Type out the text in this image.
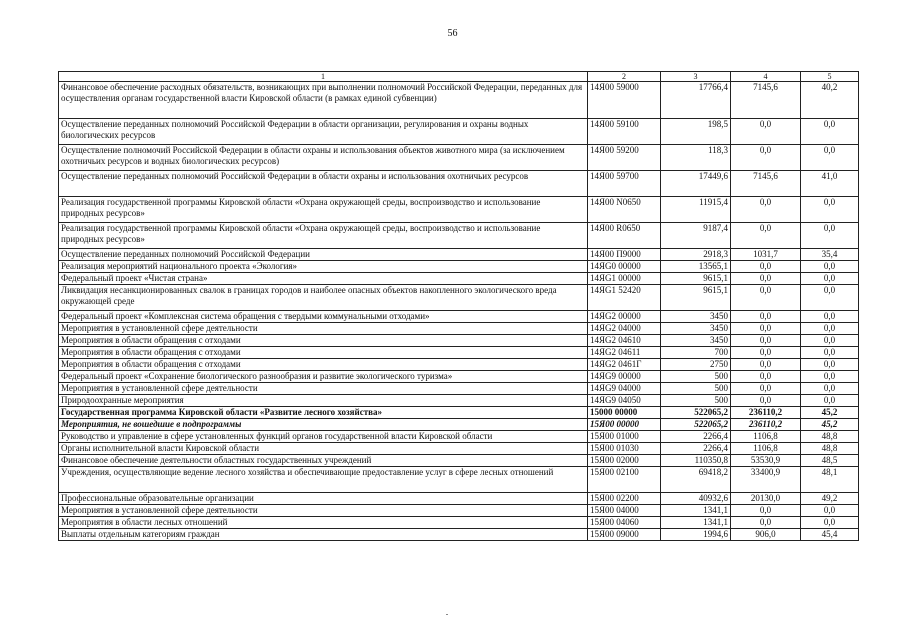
56
1	2	3	4	5
Финансовое обеспечение расходных обязательств, возникающих при выполнении полномочий Российской Федерации, переданных для осуществления органам государственной власти Кировской области (в рамках единой субвенции)	14Я00 59000	17766,4	7145,6	40,2
Осуществление переданных полномочий Российской Федерации в области организации, регулирования и охраны водных биологических ресурсов	14Я00 59100	198,5	0,0	0,0
Осуществление полномочий Российской Федерации в области охраны и использования объектов животного мира (за исключением охотничьих ресурсов и водных биологических ресурсов)	14Я00 59200	118,3	0,0	0,0
Осуществление переданных полномочий Российской Федерации в области охраны и использования охотничьих ресурсов	14Я00 59700	17449,6	7145,6	41,0
Реализация государственной программы Кировской области «Охрана окружающей среды, воспроизводство и использование природных ресурсов»	14Я00 N0650	11915,4	0,0	0,0
Реализация государственной программы Кировской области «Охрана окружающей среды, воспроизводство и использование природных ресурсов»	14Я00 R0650	9187,4	0,0	0,0
Осуществление переданных полномочий Российской Федерации	14Я00 П9000	2918,3	1031,7	35,4
Реализация мероприятий национального проекта «Экология»	14ЯG0 00000	13565,1	0,0	0,0
Федеральный проект «Чистая страна»	14ЯG1 00000	9615,1	0,0	0,0
Ликвидация несанкционированных свалок в границах городов и наиболее опасных объектов накопленного экологического вреда окружающей среде	14ЯG1 52420	9615,1	0,0	0,0
Федеральный проект «Комплексная система обращения с твердыми коммунальными отходами»	14ЯG2 00000	3450	0,0	0,0
Мероприятия в установленной сфере деятельности	14ЯG2 04000	3450	0,0	0,0
Мероприятия в области обращения с отходами	14ЯG2 04610	3450	0,0	0,0
Мероприятия в области обращения с отходами	14ЯG2 04611	700	0,0	0,0
Мероприятия в области обращения с отходами	14ЯG2 0461Г	2750	0,0	0,0
Федеральный проект «Сохранение биологического разнообразия и развитие экологического туризма»	14ЯG9 00000	500	0,0	0,0
Мероприятия в установленной сфере деятельности	14ЯG9 04000	500	0,0	0,0
Природоохранные мероприятия	14ЯG9 04050	500	0,0	0,0
Государственная программа Кировской области «Развитие лесного хозяйства»	15000 00000	522065,2	236110,2	45,2
Мероприятия, не вошедшие в подпрограммы	15Я00 00000	522065,2	236110,2	45,2
Руководство и управление в сфере установленных функций органов государственной власти Кировской области	15Я00 01000	2266,4	1106,8	48,8
Органы исполнительной власти Кировской области	15Я00 01030	2266,4	1106,8	48,8
Финансовое обеспечение деятельности областных государственных учреждений	15Я00 02000	110350,8	53530,9	48,5
Учреждения, осуществляющие ведение лесного хозяйства и обеспечивающие предоставление услуг в сфере лесных отношений	15Я00 02100	69418,2	33400,9	48,1
Профессиональные образовательные организации	15Я00 02200	40932,6	20130,0	49,2
Мероприятия в установленной сфере деятельности	15Я00 04000	1341,1	0,0	0,0
Мероприятия в области лесных отношений	15Я00 04060	1341,1	0,0	0,0
Выплаты отдельным категориям граждан	15Я00 09000	1994,6	906,0	45,4
